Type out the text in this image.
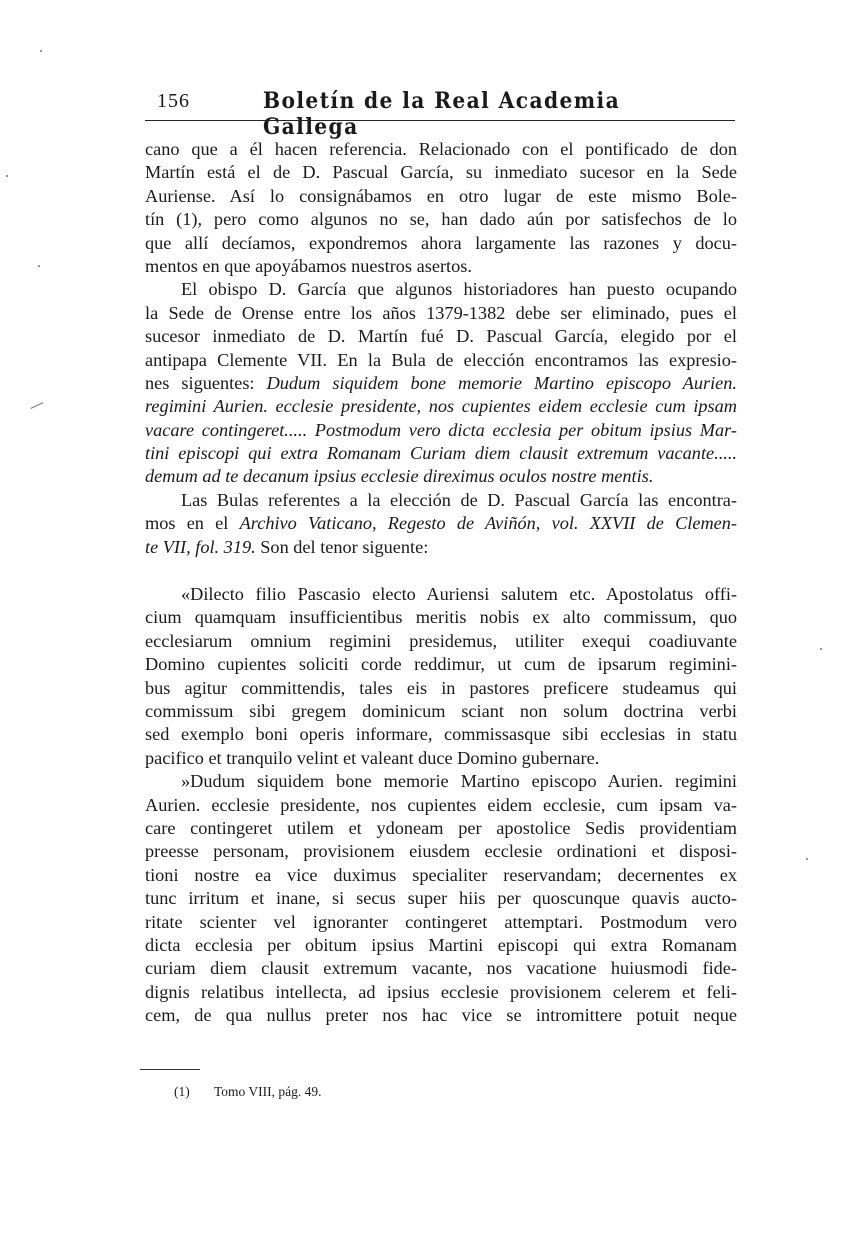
156	Boletín de la Real Academia Gallega
cano que a él hacen referencia. Relacionado con el pontificado de don
Martín está el de D. Pascual García, su inmediato sucesor en la Sede
Auriense. Así lo consignábamos en otro lugar de este mismo Bole-
tín (1), pero como algunos no se, han dado aún por satisfechos de lo
que allí decíamos, expondremos ahora largamente las razones y docu-
mentos en que apoyábamos nuestros asertos.
El obispo D. García que algunos historiadores han puesto ocupando
la Sede de Orense entre los años 1379-1382 debe ser eliminado, pues el
sucesor inmediato de D. Martín fué D. Pascual García, elegido por el
antipapa Clemente VII. En la Bula de elección encontramos las expresio-
nes siguentes: Dudum siquidem bone memorie Martino episcopo Aurien.
regimini Aurien. ecclesie presidente, nos cupientes eidem ecclesie cum ipsam
vacare contingeret..... Postmodum vero dicta ecclesia per obitum ipsius Mar-
tini episcopi qui extra Romanam Curiam diem clausit extremum vacante.....
demum ad te decanum ipsius ecclesie direximus oculos nostre mentis.
Las Bulas referentes a la elección de D. Pascual García las encontra-
mos en el Archivo Vaticano, Regesto de Aviñón, vol. XXVII de Clemen-
te VII, fol. 319. Son del tenor siguente:
«Dilecto filio Pascasio electo Auriensi salutem etc. Apostolatus offi-
cium quamquam insufficientibus meritis nobis ex alto commissum, quo
ecclesiarum omnium regimini presidemus, utiliter exequi coadiuvante
Domino cupientes soliciti corde reddimur, ut cum de ipsarum regimini-
bus agitur committendis, tales eis in pastores preficere studeamus qui
commissum sibi gregem dominicum sciant non solum doctrina verbi
sed exemplo boni operis informare, commissasque sibi ecclesias in statu
pacifico et tranquilo velint et valeant duce Domino gubernare.
»Dudum siquidem bone memorie Martino episcopo Aurien. regimini
Aurien. ecclesie presidente, nos cupientes eidem ecclesie, cum ipsam va-
care contingeret utilem et ydoneam per apostolice Sedis providentiam
preesse personam, provisionem eiusdem ecclesie ordinationi et disposi-
tioni nostre ea vice duximus specialiter reservandam; decernentes ex
tunc irritum et inane, si secus super hiis per quoscunque quavis aucto-
ritate scienter vel ignoranter contingeret attemptari. Postmodum vero
dicta ecclesia per obitum ipsius Martini episcopi qui extra Romanam
curiam diem clausit extremum vacante, nos vacatione huiusmodi fide-
dignis relatibus intellecta, ad ipsius ecclesie provisionem celerem et feli-
cem, de qua nullus preter nos hac vice se intromittere potuit neque
(1) Tomo VIII, pág. 49.
